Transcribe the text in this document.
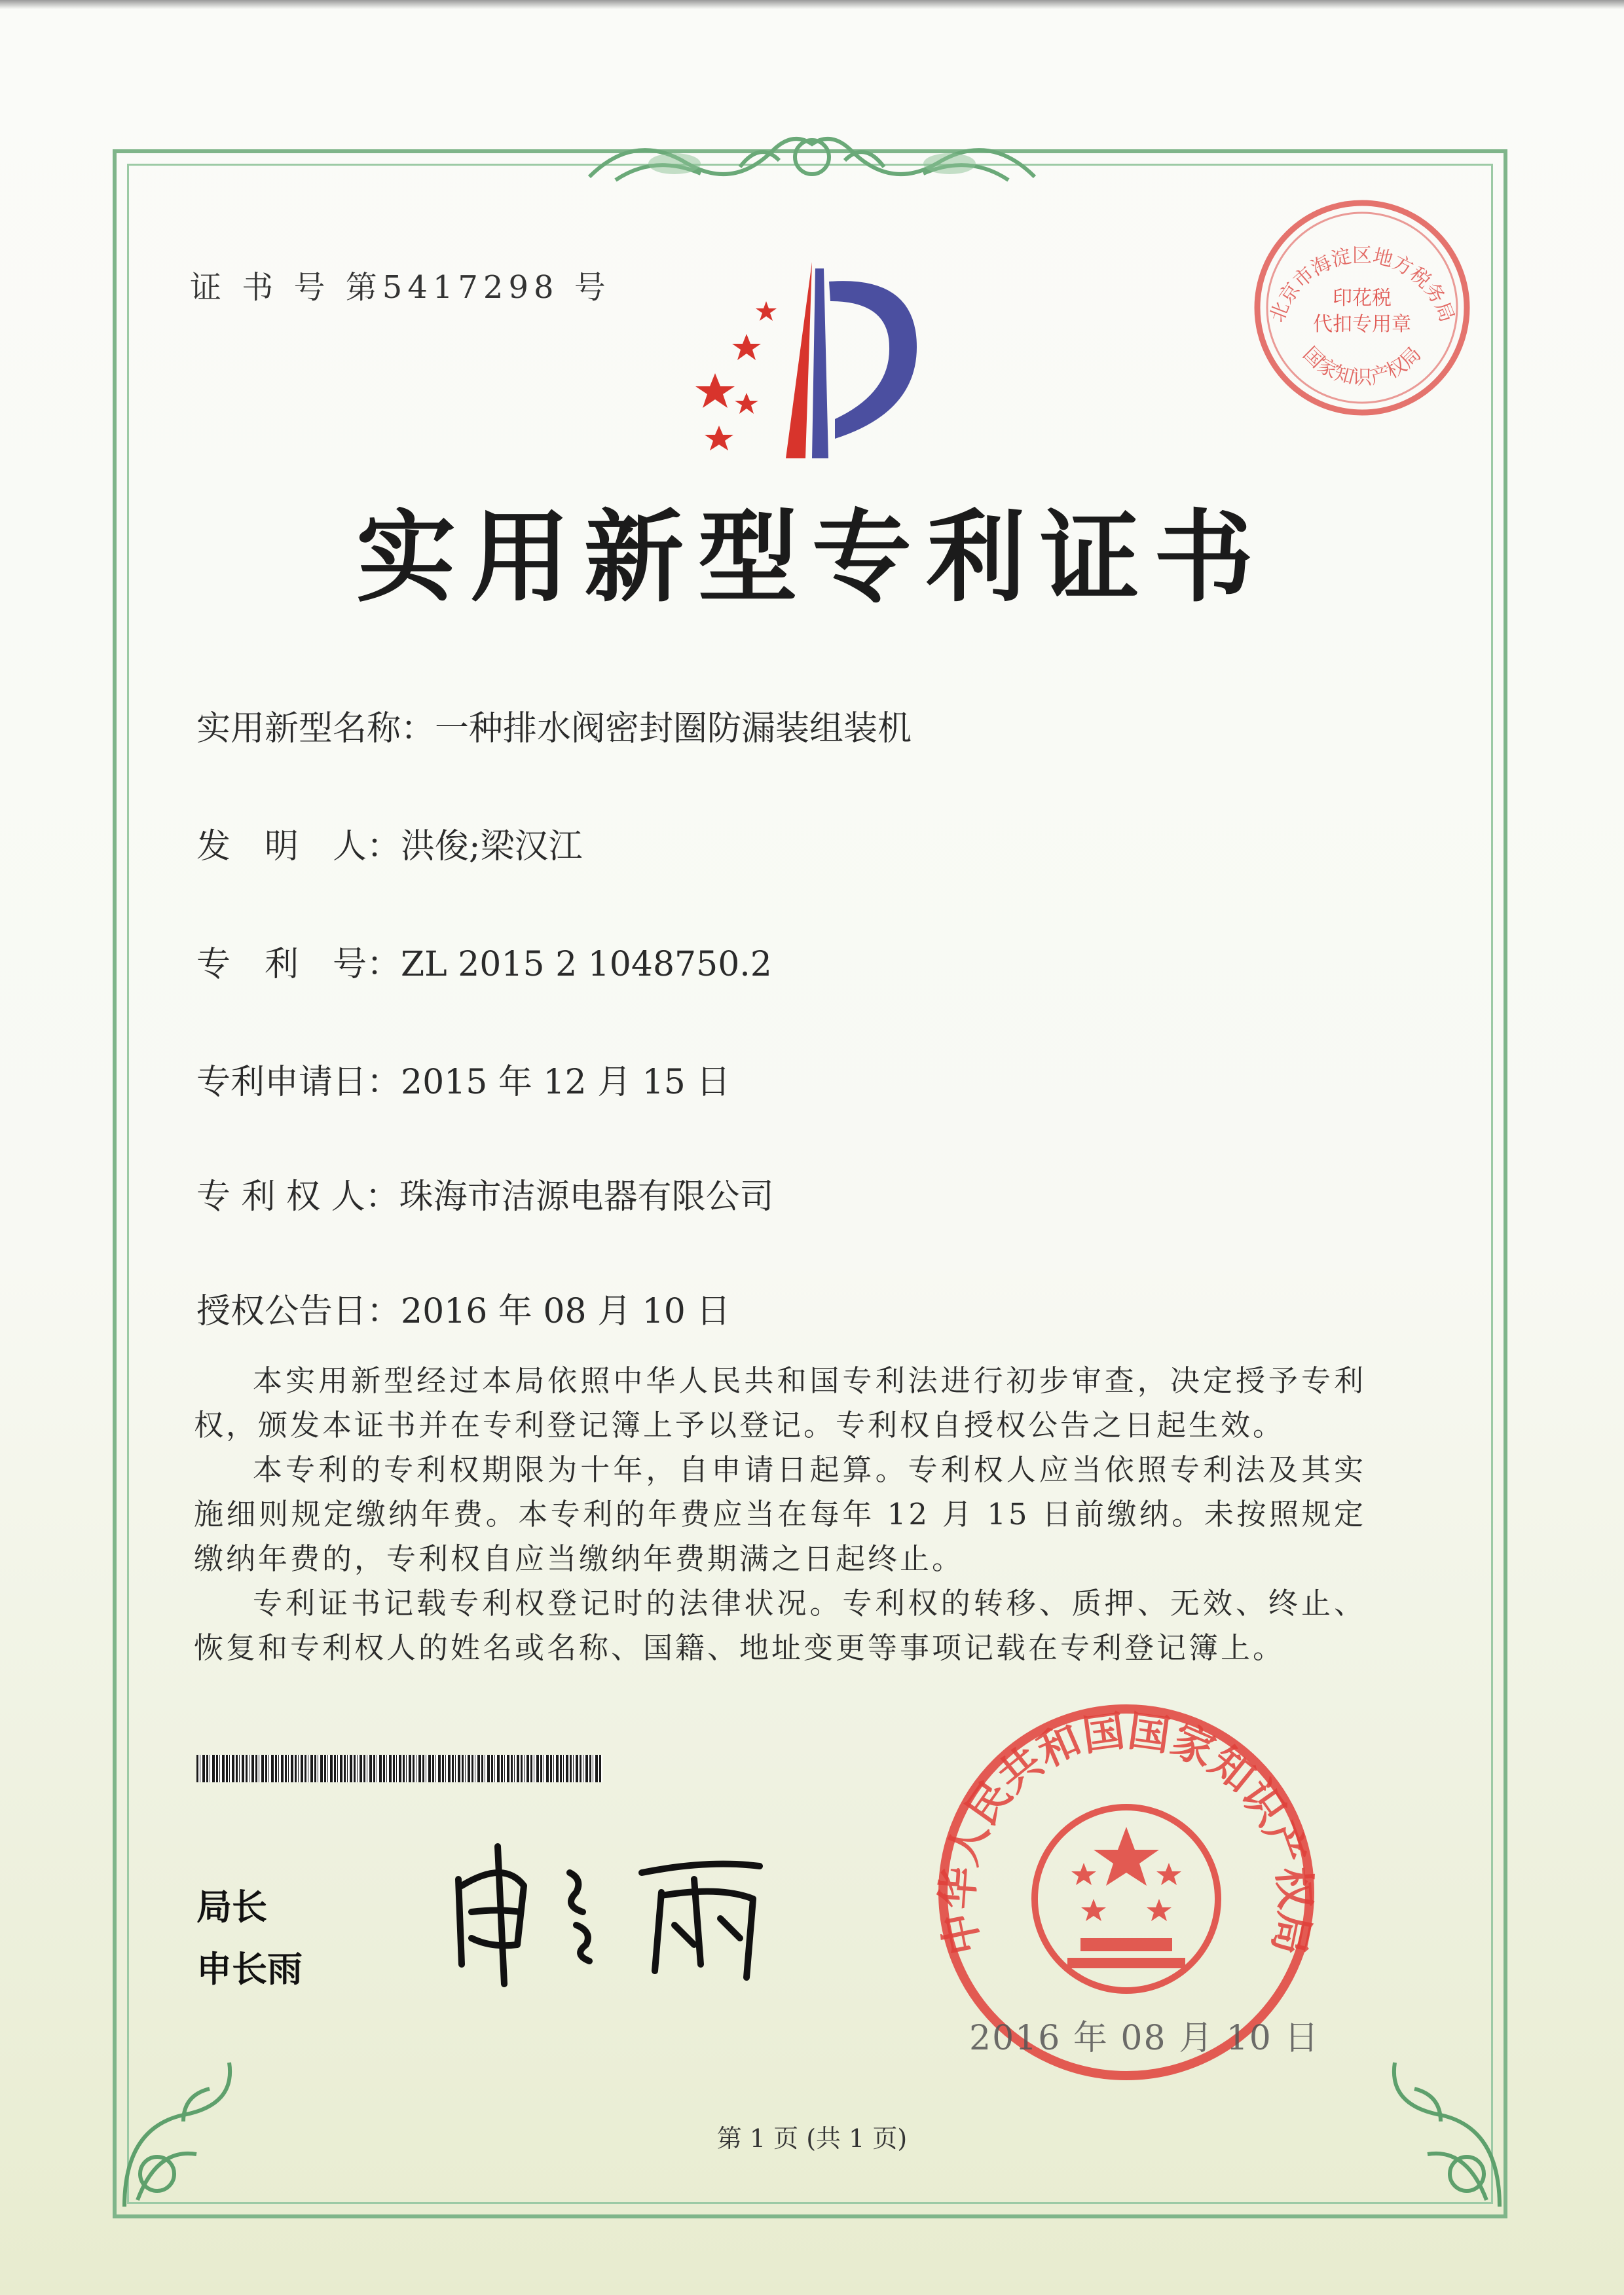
证 书 号 第5417298 号
实用新型专利证书
实用新型名称：一种排水阀密封圈防漏装组装机
发　明　人：洪俊;梁汉江
专　利　号：ZL 2015 2 1048750.2
专利申请日：2015 年 12 月 15 日
专 利 权 人：珠海市洁源电器有限公司
授权公告日：2016 年 08 月 10 日

本实用新型经过本局依照中华人民共和国专利法进行初步审查，决定授予专利权，颁发本证书并在专利登记簿上予以登记。专利权自授权公告之日起生效。

本专利的专利权期限为十年，自申请日起算。专利权人应当依照专利法及其实施细则规定缴纳年费。本专利的年费应当在每年 12 月 15 日前缴纳。未按照规定缴纳年费的，专利权自应当缴纳年费期满之日起终止。

专利证书记载专利权登记时的法律状况。专利权的转移、质押、无效、终止、恢复和专利权人的姓名或名称、国籍、地址变更等事项记载在专利登记簿上。

局长
申长雨
北京市海淀区地方税务局
印花税
代扣专用章
国家知识产权局
中华人民共和国国家知识产权局
2016 年 08 月 10 日
第 1 页 (共 1 页)
